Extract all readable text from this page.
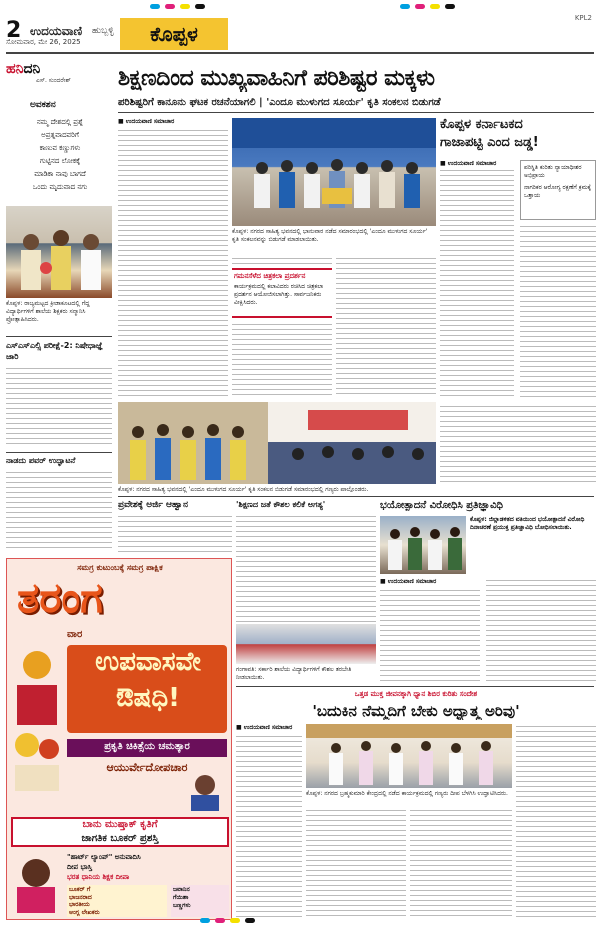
2 ಉದಯವಾಣಿ ಹುಬ್ಬಳ್ಳಿ
ಸೋಮವಾರ, ಮೇ 26, 2025	ಕೊಪ್ಪಳ
KPL2
ಹನಿದನಿ
ಎಸ್. ಸುಂದರೇಶ್
ಅವಕಶನ
ನಮ್ಮ ದೇಶದಲ್ಲಿ ಪ್ರಶ್ನೆ
ಅಪ್ರತ್ನವಾದವರಿಗೆ
ಕಾಣುವ ಕಣ್ಣುಗಳು
ಗುಟ್ಟಿನದ ಲೋಕಕ್ಕೆ
ಮಾಡಿಕಾ ನಾವು ಬಾಗದೆ
ಒಂದು ಮೃದುವಾದ ನಗು
ಕೊಪ್ಪಳ: ರಾಜ್ಯಮಟ್ಟದ ಕ್ರೀಡಾಕೂಟದಲ್ಲಿ ಗೆದ್ದ ವಿದ್ಯಾರ್ಥಿಗಳಿಗೆ ಶಾಲೆಯ ಶಿಕ್ಷಕರು ಸನ್ಮಾನಿಸಿ ಪ್ರೋತ್ಸಾಹಿಸಿದರು.
ಎಸ್ಎಸ್ಎಲ್ಸಿ ಪರೀಕ್ಷೆ-2: ನಿಷೇಧಾಜ್ಞೆ ಜಾರಿ
ನಾಡದು ಪವರ್ ಉದ್ಘಾಟನೆ
ಶಿಕ್ಷಣದಿಂದ ಮುಖ್ಯವಾಹಿನಿಗೆ ಪರಿಶಿಷ್ಟರ ಮಕ್ಕಳು
ಪರಿಶಿಷ್ಟರಿಗೆ ಕಾನೂನು ಘಟಕ ರಚನೆಯಾಗಲಿ | 'ಎಂದೂ ಮುಳುಗದ ಸೂರ್ಯ' ಕೃತಿ ಸಂಕಲನ ಬಿಡುಗಡೆ
■ ಉದಯವಾಣಿ ಸಮಾಚಾರ
ಕೊಪ್ಪಳ: ನಗರದ ಸಾಹಿತ್ಯ ಭವನದಲ್ಲಿ ಭಾನುವಾರ ನಡೆದ ಸಮಾರಂಭದಲ್ಲಿ 'ಎಂದೂ ಮುಳುಗದ ಸೂರ್ಯ' ಕೃತಿ ಸಂಕಲನವನ್ನು ಬಿಡುಗಡೆ ಮಾಡಲಾಯಿತು.
ಗಮನಸೆಳೆದ ಚಿತ್ರಕಲಾ ಪ್ರದರ್ಶನ
ಕಾರ್ಯಕ್ರಮದಲ್ಲಿ ಕಲಾವಿದರು ರಚಿಸಿದ ಚಿತ್ರಕಲಾ ಪ್ರದರ್ಶನ ಆಯೋಜಿಸಲಾಗಿತ್ತು. ಸಾರ್ವಜನಿಕರು ವೀಕ್ಷಿಸಿದರು.
ಕೊಪ್ಪಳ ಕರ್ನಾಟಕದ
ಗಾಜಾಪಟ್ಟಿ ಎಂದ ಜಡ್ಡ!
■ ಉದಯವಾಣಿ ಸಮಾಚಾರ
ಪರಿಸ್ಥಿತಿ ಕುರಿತು ನ್ಯಾಯಾಧೀಶರ ಅಭಿಪ್ರಾಯ
ನಾಗರಿಕರ ಆರೋಗ್ಯ ರಕ್ಷಣೆಗೆ ಕ್ರಮಕ್ಕೆ ಒತ್ತಾಯ
ಕೊಪ್ಪಳ: ನಗರದ ಸಾಹಿತ್ಯ ಭವನದಲ್ಲಿ 'ಎಂದೂ ಮುಳುಗದ ಸೂರ್ಯ' ಕೃತಿ ಸಂಕಲನ ಬಿಡುಗಡೆ ಸಮಾರಂಭದಲ್ಲಿ ಗಣ್ಯರು ಪಾಲ್ಗೊಂಡರು.
ಪ್ರವೇಶಕ್ಕೆ ಅರ್ಜಿ ಆಹ್ವಾನ	'ಶಿಕ್ಷಣದ ಜತೆ ಕೌಶಲ ಕಲಿಕೆ ಅಗತ್ಯ'
ಗಂಗಾವತಿ: ಸರ್ಕಾರಿ ಶಾಲೆಯ ವಿದ್ಯಾರ್ಥಿಗಳಿಗೆ ಕೌಶಲ ತರಬೇತಿ ನೀಡಲಾಯಿತು.
ಭಯೋತ್ಪಾದನೆ ವಿರೋಧಿಸಿ ಪ್ರತಿಜ್ಞಾವಿಧಿ
ಕೊಪ್ಪಳ: ಜಿಲ್ಲಾಡಳಿತದ ವತಿಯಿಂದ ಭಯೋತ್ಪಾದನೆ ವಿರೋಧಿ ದಿನಾಚರಣೆ ಪ್ರಯುಕ್ತ ಪ್ರತಿಜ್ಞಾವಿಧಿ ಬೋಧಿಸಲಾಯಿತು.
■ ಉದಯವಾಣಿ ಸಮಾಚಾರ
ಒತ್ತಡ ಮುಕ್ತ ಜೀವನಕ್ಕಾಗಿ ಧ್ಯಾನ ಶಿಬಿರ ಕುರಿತು ಸಂದೇಶ
'ಬದುಕಿನ ನೆಮ್ಮದಿಗೆ ಬೇಕು ಅಧ್ಯಾತ್ಮ ಅರಿವು'
■ ಉದಯವಾಣಿ ಸಮಾಚಾರ
ಕೊಪ್ಪಳ: ನಗರದ ಬ್ರಹ್ಮಕುಮಾರಿ ಕೇಂದ್ರದಲ್ಲಿ ನಡೆದ ಕಾರ್ಯಕ್ರಮದಲ್ಲಿ ಗಣ್ಯರು ದೀಪ ಬೆಳಗಿಸಿ ಉದ್ಘಾಟಿಸಿದರು.
ಸಮಗ್ರ ಕುಟುಂಬಕ್ಕೆ ಸಮಗ್ರ ಪಾಕ್ಷಿಕ
ತರಂಗ
ವಾರ
ಉಪವಾಸವೇ
ಔಷಧಿ!
ಪ್ರಕೃತಿ ಚಿಕಿತ್ಸೆಯ ಚಮತ್ಕಾರ
ಆಯುರ್ವೇದೋಪಚಾರ
ಬಾನು ಮುಷ್ತಾಕ್ ಕೃತಿಗೆ
ಜಾಗತಿಕ ಬೂಕರ್ ಪ್ರಶಸ್ತಿ
"ಹಾರ್ಟ್ ಲ್ಯಾಂಪ್" ಅನುವಾದಿಸಿ
ದೀಪ ಭಾಸ್ತಿ
ಭರತ ಧಾನಿಯ ಶಿಕ್ಷಕ ದೀಪಾ
ಬೂಕರ್ ಗೆ
ಭಾಜನರಾದ
ಭಾರತೀಯ
ಆಂಗ್ಲ ಲೇಖಕರು
ಜವಾನಿನ
ಗೆಯಿಶಾ
ಬಣ್ಣಗಳು
